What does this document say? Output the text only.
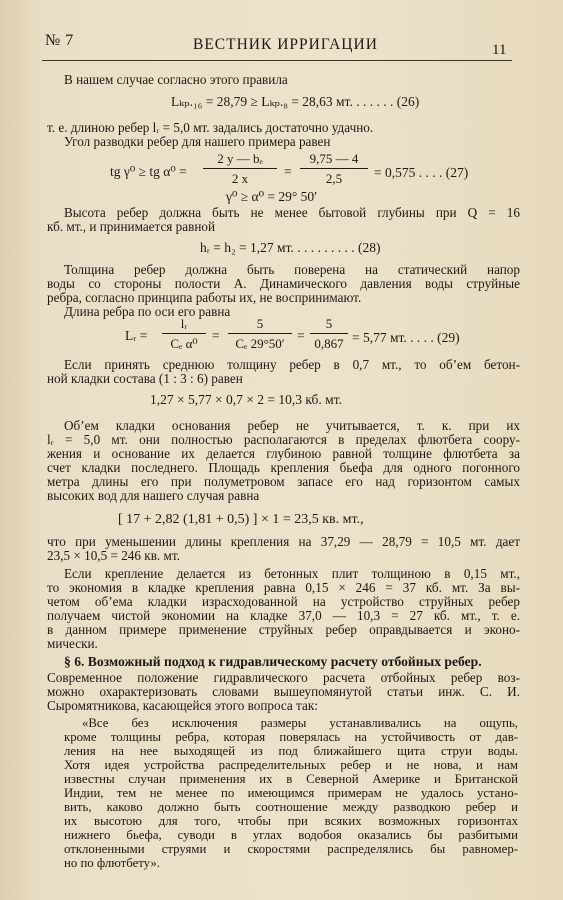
№ 7	ВЕСТНИК ИРРИГАЦИИ	11
В нашем случае согласно этого правила
Lₖₚ.₁₆ = 28,79 ≥ Lₖₚ.₈ = 28,63 мт. . . . . . . (26)
т. е. длиною ребер lᵣ = 5,0 мт. задались достаточно удачно.
Угол разводки ребер для нашего примера равен
tg γ⁰ ≥ tg α⁰ =
2 y — bₑ
2 x	=
9,75 — 4
2,5	= 0,575 . . . . (27)
γ⁰ ≥ α⁰ = 29° 50′
Высота ребер должна быть не менее бытовой глубины при Q = 16
кб. мт., и принимается равной
hᵣ = h₂ = 1,27 мт. . . . . . . . . . (28)
Толщина ребер должна быть поверена на статический напор
воды со стороны полости А. Динамического давления воды струйные
ребра, согласно принципа работы их, не воспринимают.
Длина ребра по оси его равна
Lᵣ =
lᵣ
Cₑ α⁰
=
5
Cₑ 29°50′
=
5
0,867 = 5,77 мт. . . . . (29)
Если принять среднюю толщину ребер в 0,7 мт., то об’ем бетон-
ной кладки состава (1 : 3 : 6) равен
1,27 × 5,77 × 0,7 × 2 = 10,3 кб. мт.
Об’ем кладки основания ребер не учитывается, т. к. при их
lᵣ = 5,0 мт. они полностью располагаются в пределах флютбета соору-
жения и основание их делается глубиною равной толщине флютбета за
счет кладки последнего. Площадь крепления бьефа для одного погонного
метра длины его при полуметровом запасе его над горизонтом самых
высоких вод для нашего случая равна
[ 17 + 2,82 (1,81 + 0,5) ] × 1 = 23,5 кв. мт.,
что при уменьшении длины крепления на 37,29 — 28,79 = 10,5 мт. дает
23,5 × 10,5 = 246 кв. мт.
Если крепление делается из бетонных плит толщиною в 0,15 мт.,
то экономия в кладке крепления равна 0,15 × 246 = 37 кб. мт. За вы-
четом об’ема кладки израсходованной на устройство струйных ребер
получаем чистой экономии на кладке 37,0 — 10,3 = 27 кб. мт., т. е.
в данном примере применение струйных ребер оправдывается и эконо-
мически.
§ 6. Возможный подход к гидравлическому расчету отбойных ребер.
Современное положение гидравлического расчета отбойных ребер воз-
можно охарактеризовать словами вышеупомянутой статьи инж. С. И.
Сыромятникова, касающейся этого вопроса так:
«Все без исключения размеры устанавливались на ощупь,
кроме толщины ребра, которая поверялась на устойчивость от дав-
ления на нее выходящей из под ближайшего щита струи воды.
Хотя идея устройства распределительных ребер и не нова, и нам
известны случаи применения их в Северной Америке и Британской
Индии, тем не менее по имеющимся примерам не удалось устано-
вить, каково должно быть соотношение между разводкою ребер и
их высотою для того, чтобы при всяких возможных горизонтах
нижнего бьефа, суводи в углах водобоя оказались бы разбитыми
отклоненными струями и скоростями распределялись бы равномер-
но по флютбету».
